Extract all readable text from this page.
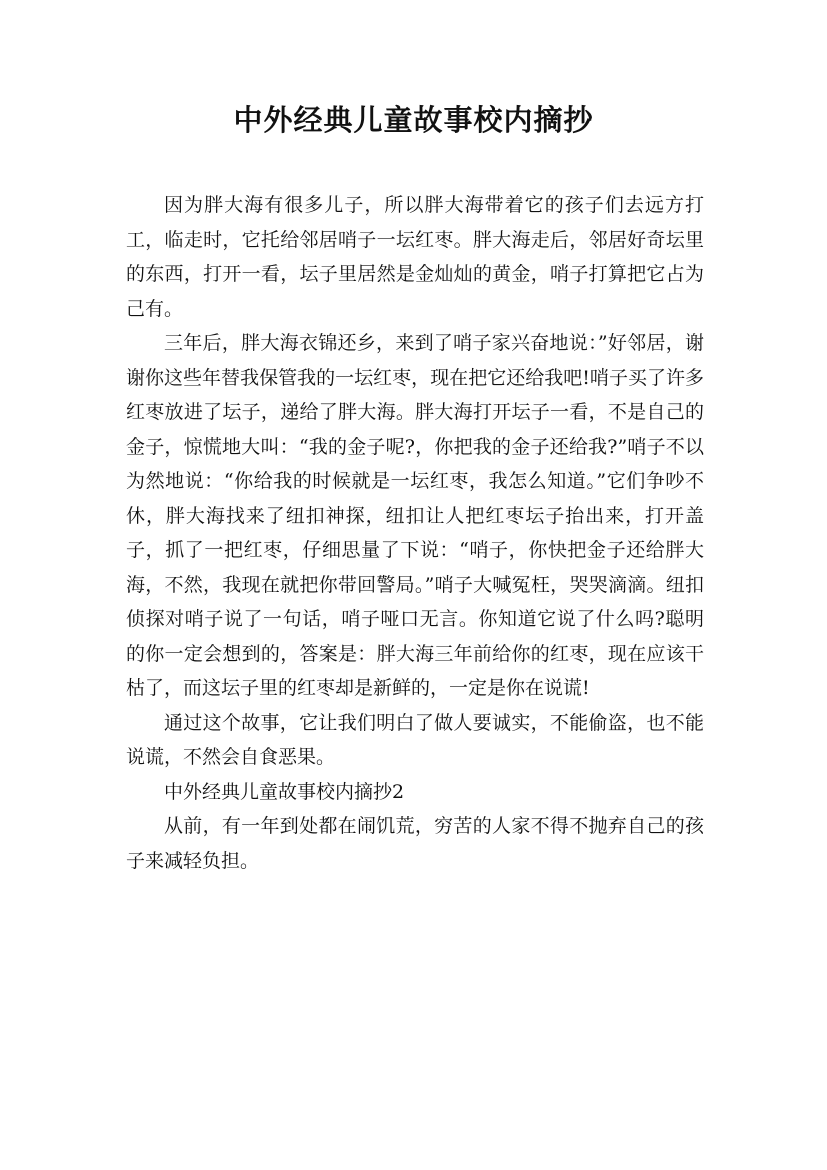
中外经典儿童故事校内摘抄

因为胖大海有很多儿子，所以胖大海带着它的孩子们去远方打工，临走时，它托给邻居哨子一坛红枣。胖大海走后，邻居好奇坛里的东西，打开一看，坛子里居然是金灿灿的黄金，哨子打算把它占为己有。

三年后，胖大海衣锦还乡，来到了哨子家兴奋地说：”好邻居，谢谢你这些年替我保管我的一坛红枣，现在把它还给我吧!哨子买了许多红枣放进了坛子，递给了胖大海。胖大海打开坛子一看，不是自己的金子，惊慌地大叫：“我的金子呢?，你把我的金子还给我?”哨子不以为然地说：“你给我的时候就是一坛红枣，我怎么知道。”它们争吵不休，胖大海找来了纽扣神探，纽扣让人把红枣坛子抬出来，打开盖子，抓了一把红枣，仔细思量了下说：“哨子，你快把金子还给胖大海，不然，我现在就把你带回警局。”哨子大喊冤枉，哭哭滴滴。纽扣侦探对哨子说了一句话，哨子哑口无言。你知道它说了什么吗?聪明的你一定会想到的，答案是：胖大海三年前给你的红枣，现在应该干枯了，而这坛子里的红枣却是新鲜的，一定是你在说谎!

通过这个故事，它让我们明白了做人要诚实，不能偷盗，也不能说谎，不然会自食恶果。

中外经典儿童故事校内摘抄2

从前，有一年到处都在闹饥荒，穷苦的人家不得不抛弃自己的孩子来减轻负担。
